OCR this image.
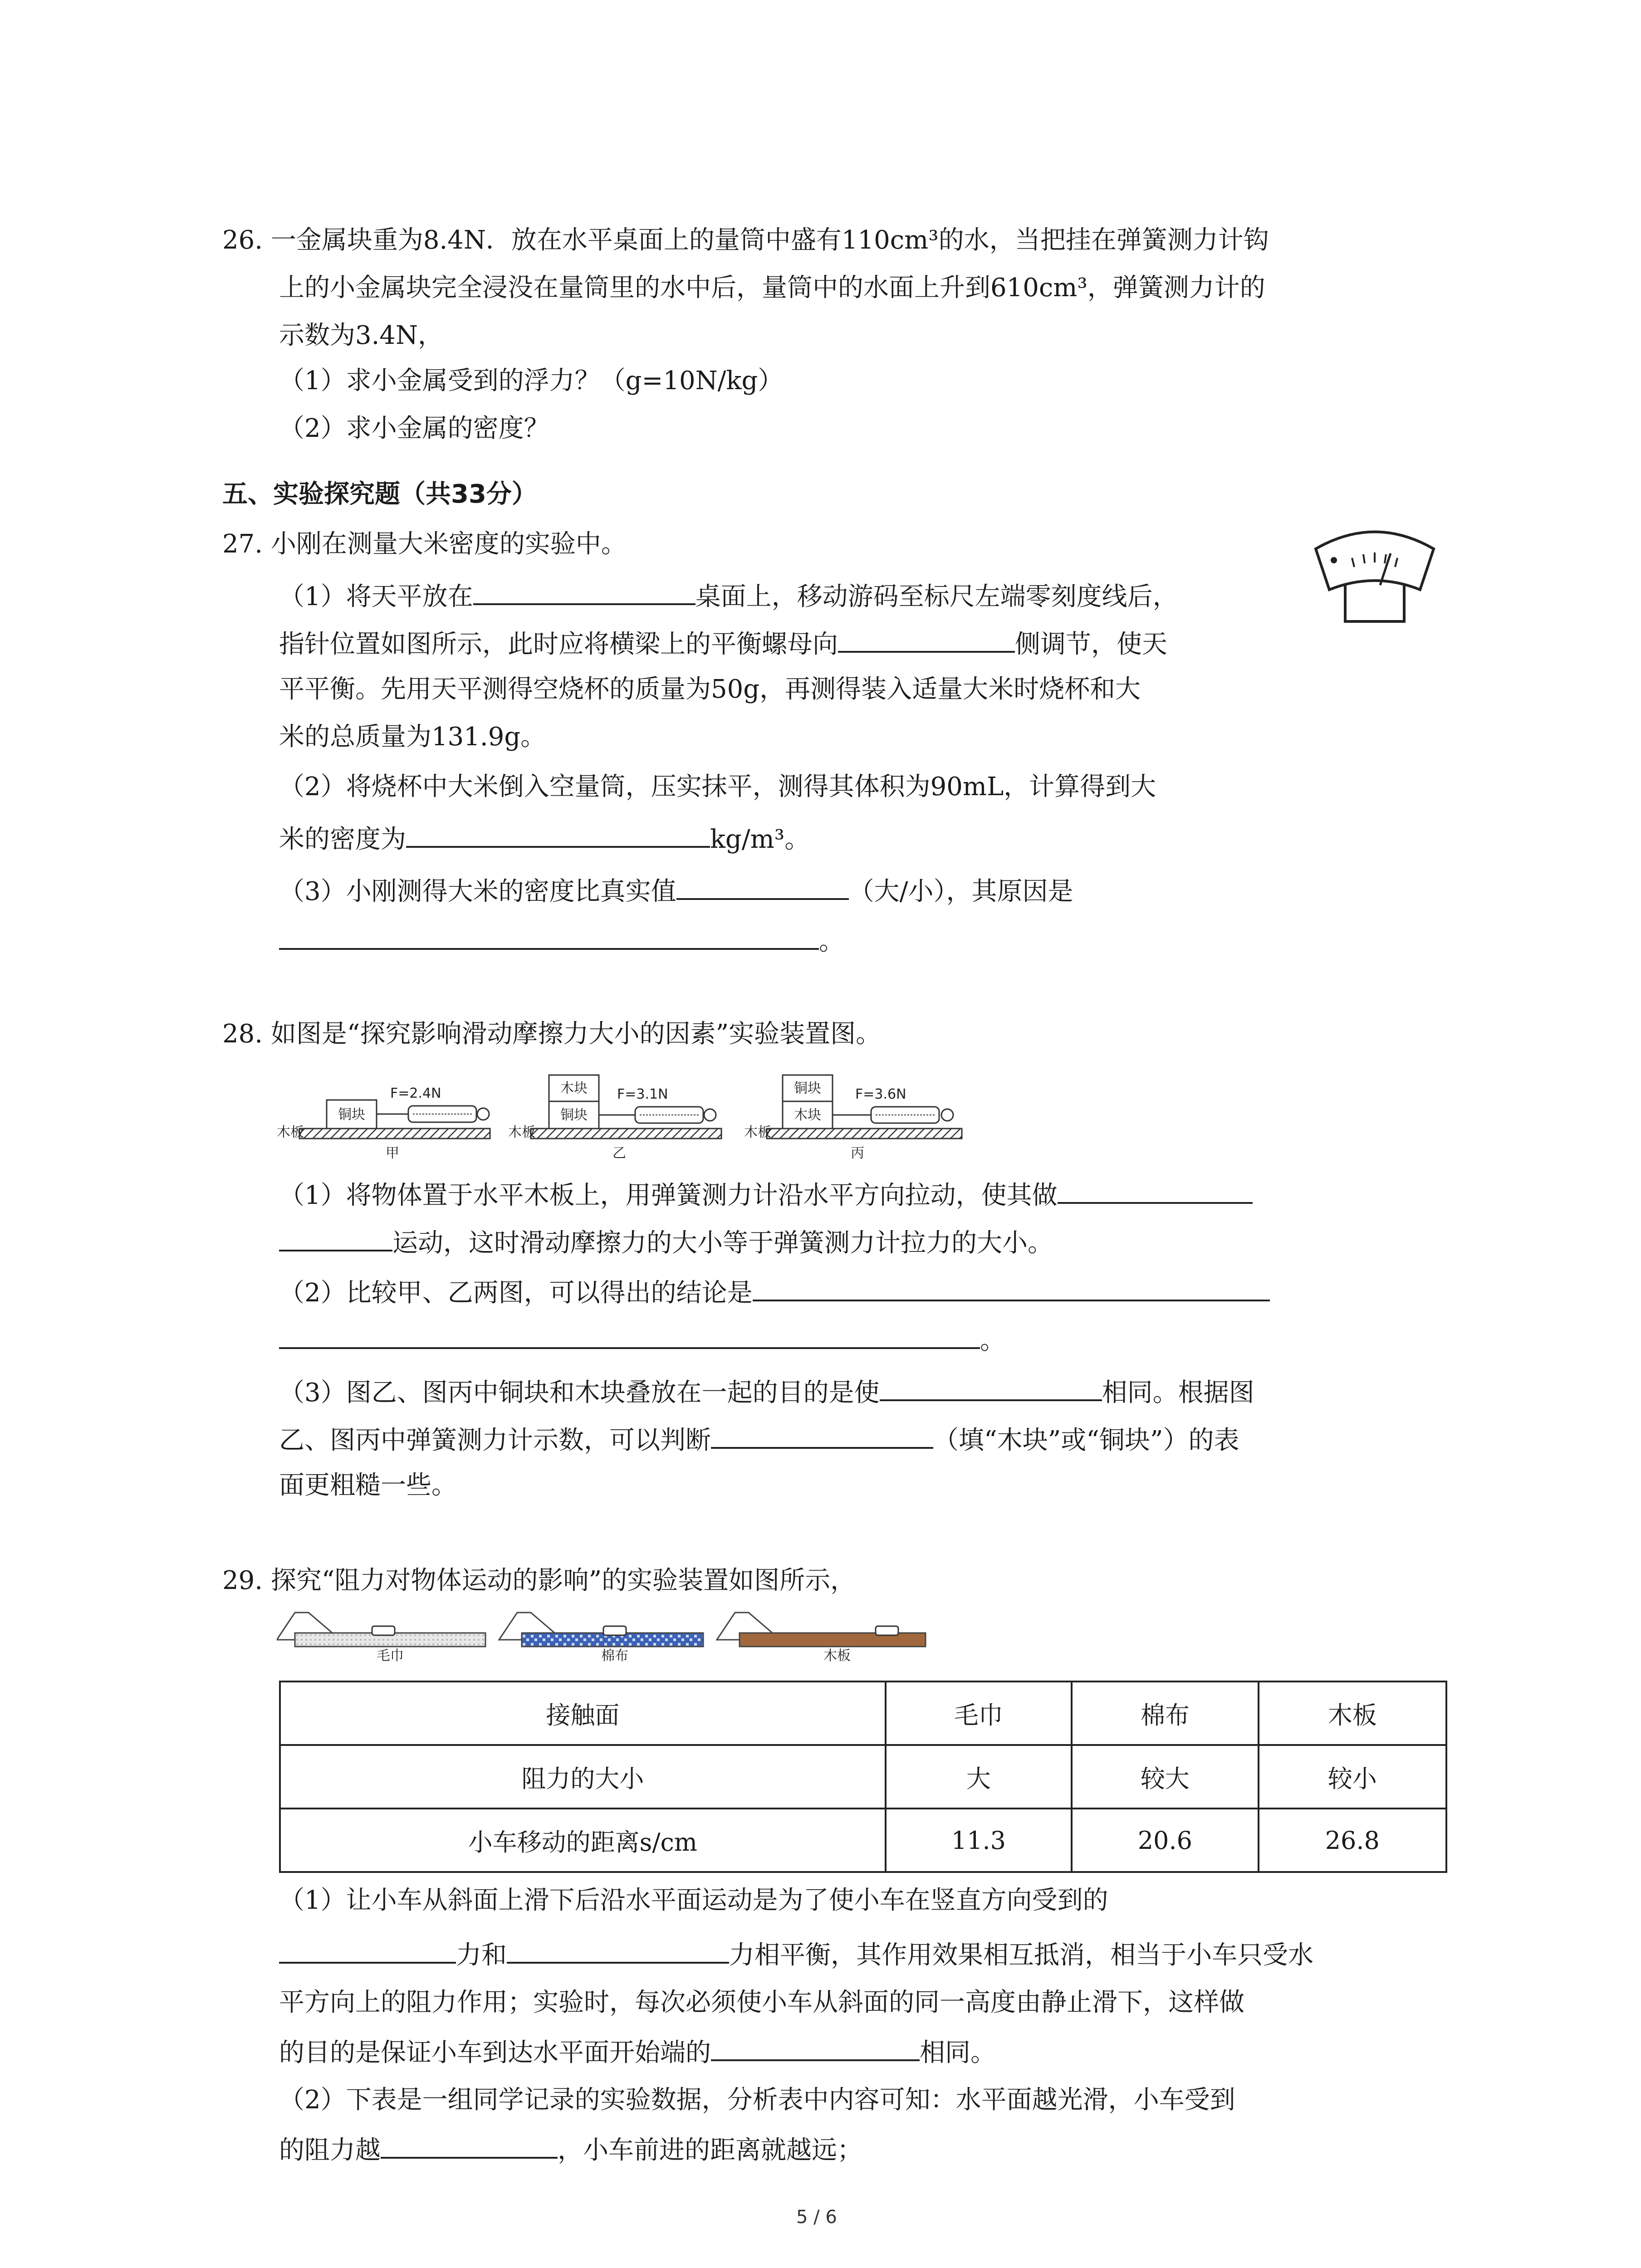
26. 一金属块重为8.4N．放在水平桌面上的量筒中盛有110cm³的水，当把挂在弹簧测力计钩
上的小金属块完全浸没在量筒里的水中后，量筒中的水面上升到610cm³，弹簧测力计的
示数为3.4N，
（1）求小金属受到的浮力？（g=10N/kg）
（2）求小金属的密度？
五、实验探究题（共33分）
27. 小刚在测量大米密度的实验中。
（1）将天平放在	桌面上，移动游码至标尺左端零刻度线后，
指针位置如图所示，此时应将横梁上的平衡螺母向	侧调节，使天
平平衡。先用天平测得空烧杯的质量为50g，再测得装入适量大米时烧杯和大
米的总质量为131.9g。
（2）将烧杯中大米倒入空量筒，压实抹平，测得其体积为90mL，计算得到大
米的密度为	kg/m³。
（3）小刚测得大米的密度比真实值	（大/小），其原因是
。
28. 如图是“探究影响滑动摩擦力大小的因素”实验装置图。
木板
铜块
F=2.4N
甲
木板
木块
铜块
F=3.1N
乙
木板
铜块
木块
F=3.6N
丙
（1）将物体置于水平木板上，用弹簧测力计沿水平方向拉动，使其做
运动，这时滑动摩擦力的大小等于弹簧测力计拉力的大小。
（2）比较甲、乙两图，可以得出的结论是
。
（3）图乙、图丙中铜块和木块叠放在一起的目的是使	相同。根据图
乙、图丙中弹簧测力计示数，可以判断	（填“木块”或“铜块”）的表
面更粗糙一些。
29. 探究“阻力对物体运动的影响”的实验装置如图所示，
毛巾	棉布	木板
接触面	毛巾	棉布	木板
阻力的大小	大	较大	较小
小车移动的距离s/cm	11.3	20.6	26.8
（1）让小车从斜面上滑下后沿水平面运动是为了使小车在竖直方向受到的
力和	力相平衡，其作用效果相互抵消，相当于小车只受水
平方向上的阻力作用；实验时，每次必须使小车从斜面的同一高度由静止滑下，这样做
的目的是保证小车到达水平面开始端的	相同。
（2）下表是一组同学记录的实验数据，分析表中内容可知：水平面越光滑，小车受到
的阻力越	，小车前进的距离就越远；
5 / 6
